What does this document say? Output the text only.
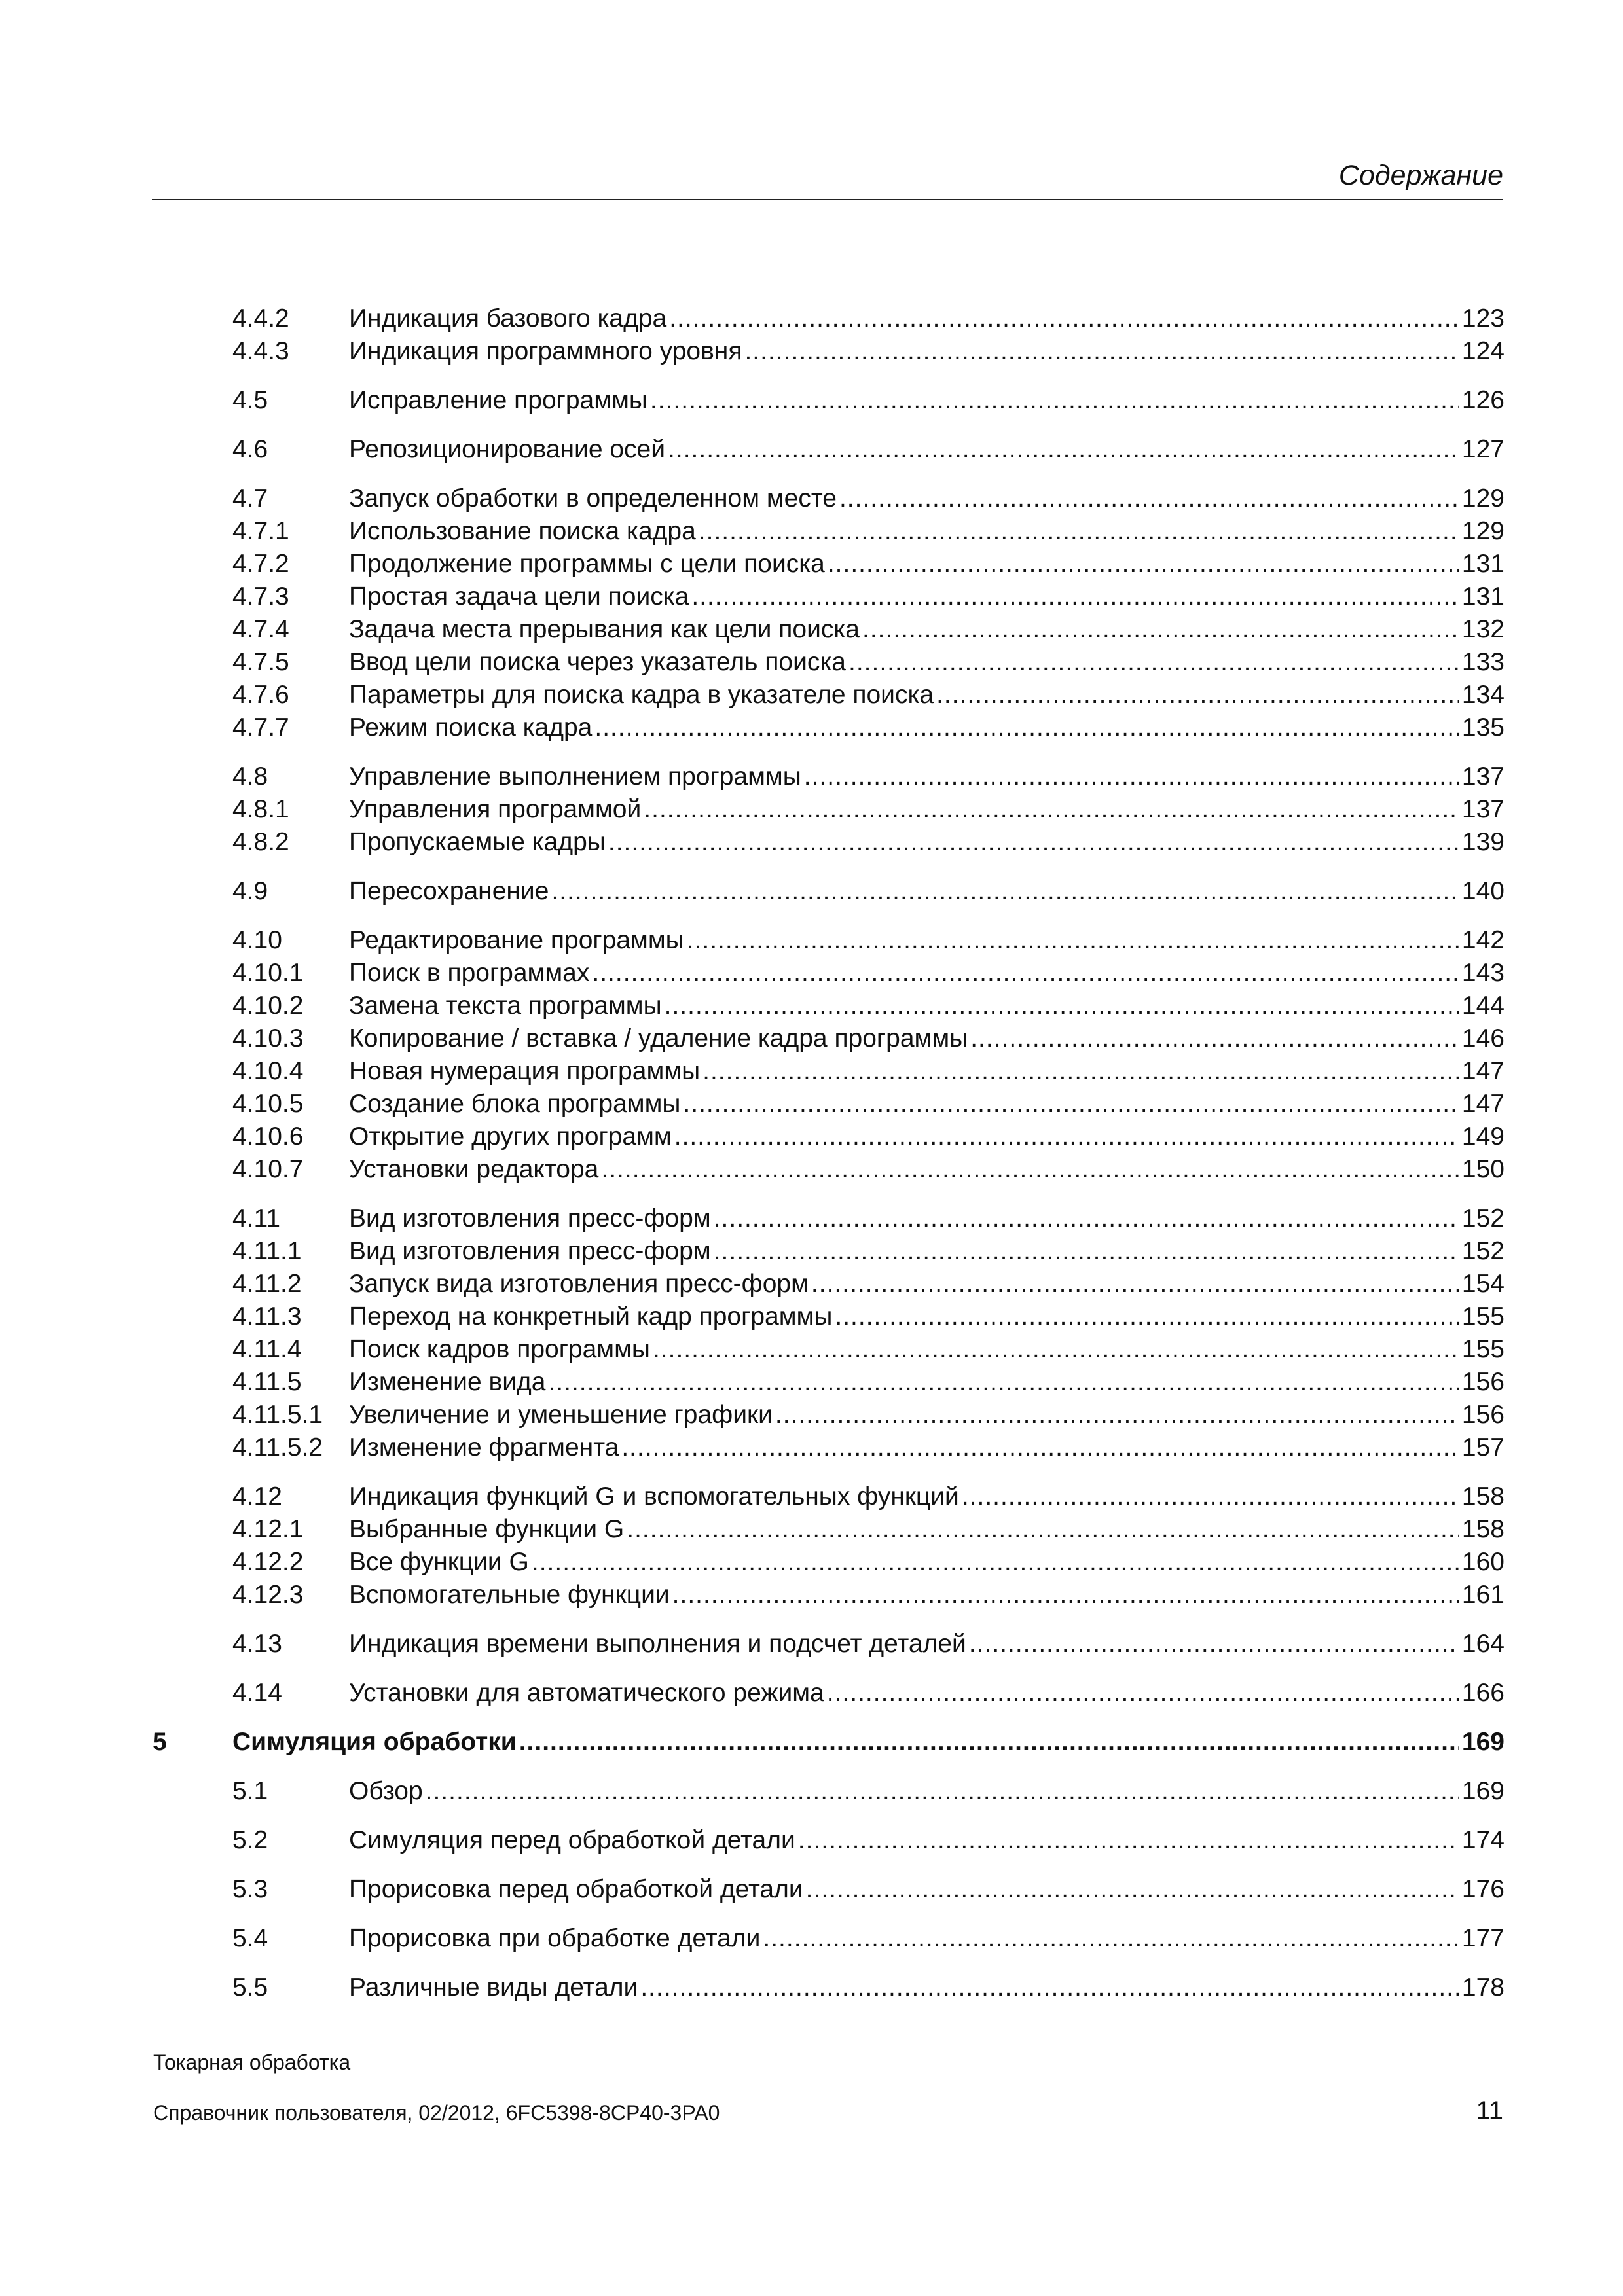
Содержание
4.4.2 Индикация базового кадра .....	123
4.4.3 Индикация программного уровня .....	124
4.5	Исправление программы .....	126
4.6	Репозиционирование осей .....	127
4.7	Запуск обработки в определенном месте .....	129
4.7.1 Использование поиска кадра .....	129
4.7.2 Продолжение программы с цели поиска .....	131
4.7.3 Простая задача цели поиска .....	131
4.7.4 Задача места прерывания как цели поиска .....	132
4.7.5 Ввод цели поиска через указатель поиска .....	133
4.7.6 Параметры для поиска кадра в указателе поиска .....	134
4.7.7 Режим поиска кадра .....	135
4.8	Управление выполнением программы .....	137
4.8.1 Управления программой .....	137
4.8.2 Пропускаемые кадры .....	139
4.9	Пересохранение .....	140
4.10	Редактирование программы .....	142
4.10.1 Поиск в программах .....	143
4.10.2 Замена текста программы .....	144
4.10.3 Копирование / вставка / удаление кадра программы .....	146
4.10.4 Новая нумерация программы .....	147
4.10.5 Создание блока программы .....	147
4.10.6 Открытие других программ .....	149
4.10.7 Установки редактора .....	150
4.11	Вид изготовления пресс-форм .....	152
4.11.1 Вид изготовления пресс-форм .....	152
4.11.2 Запуск вида изготовления пресс-форм .....	154
4.11.3 Переход на конкретный кадр программы .....	155
4.11.4 Поиск кадров программы .....	155
4.11.5 Изменение вида .....	156
4.11.5.1 Увеличение и уменьшение графики .....	156
4.11.5.2 Изменение фрагмента .....	157
4.12	Индикация функций G и вспомогательных функций .....	158
4.12.1 Выбранные функции G .....	158
4.12.2 Все функции G .....	160
4.12.3 Вспомогательные функции .....	161
4.13	Индикация времени выполнения и подсчет деталей .....	164
4.14	Установки для автоматического режима .....	166
5	Симуляция обработки .....	169
5.1	Обзор .....	169
5.2	Симуляция перед обработкой детали .....	174
5.3	Прорисовка перед обработкой детали .....	176
5.4	Прорисовка при обработке детали .....	177
5.5	Различные виды детали .....	178
Токарная обработка
Справочник пользователя, 02/2012, 6FC5398-8CP40-3PA0	11
